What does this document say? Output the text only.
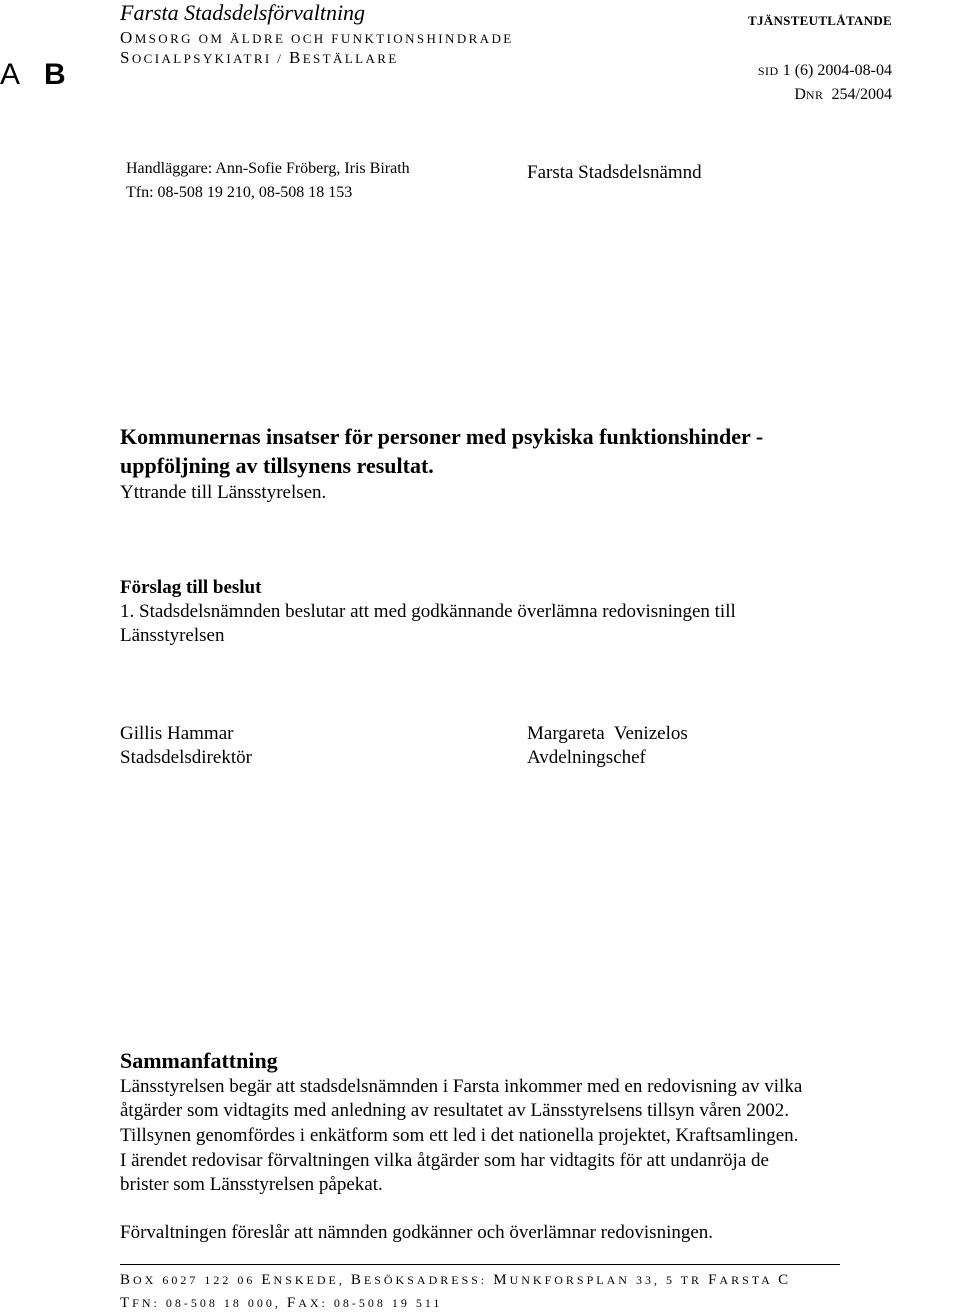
Farsta Stadsdelsförvaltning
OMSORG OM ÄLDRE OCH FUNKTIONSHINDRADE
SOCIALPSYKIATRI / BESTÄLLARE
A B
TJÄNSTEUTLÅTANDE
SID 1 (6) 2004-08-04
DNR 254/2004
Handläggare: Ann-Sofie Fröberg, Iris Birath
Tfn: 08-508 19 210, 08-508 18 153
Farsta Stadsdelsnämnd
Kommunernas insatser för personer med psykiska funktionshinder -
uppföljning av tillsynens resultat.
Yttrande till Länsstyrelsen.
Förslag till beslut
1. Stadsdelsnämnden beslutar att med godkännande överlämna redovisningen till
Länsstyrelsen
Gillis Hammar
Stadsdelsdirektör
Margareta  Venizelos
Avdelningschef
Sammanfattning
Länsstyrelsen begär att stadsdelsnämnden i Farsta inkommer med en redovisning av vilka
åtgärder som vidtagits med anledning av resultatet av Länsstyrelsens tillsyn våren 2002.
Tillsynen genomfördes i enkätform som ett led i det nationella projektet, Kraftsamlingen.
I ärendet redovisar förvaltningen vilka åtgärder som har vidtagits för att undanröja de
brister som Länsstyrelsen påpekat.
Förvaltningen föreslår att nämnden godkänner och överlämnar redovisningen.
BOX 6027 122 06 ENSKEDE, BESÖKSADRESS: MUNKFORSPLAN 33, 5 TR FARSTA C
TFN: 08-508 18 000, FAX: 08-508 19 511
